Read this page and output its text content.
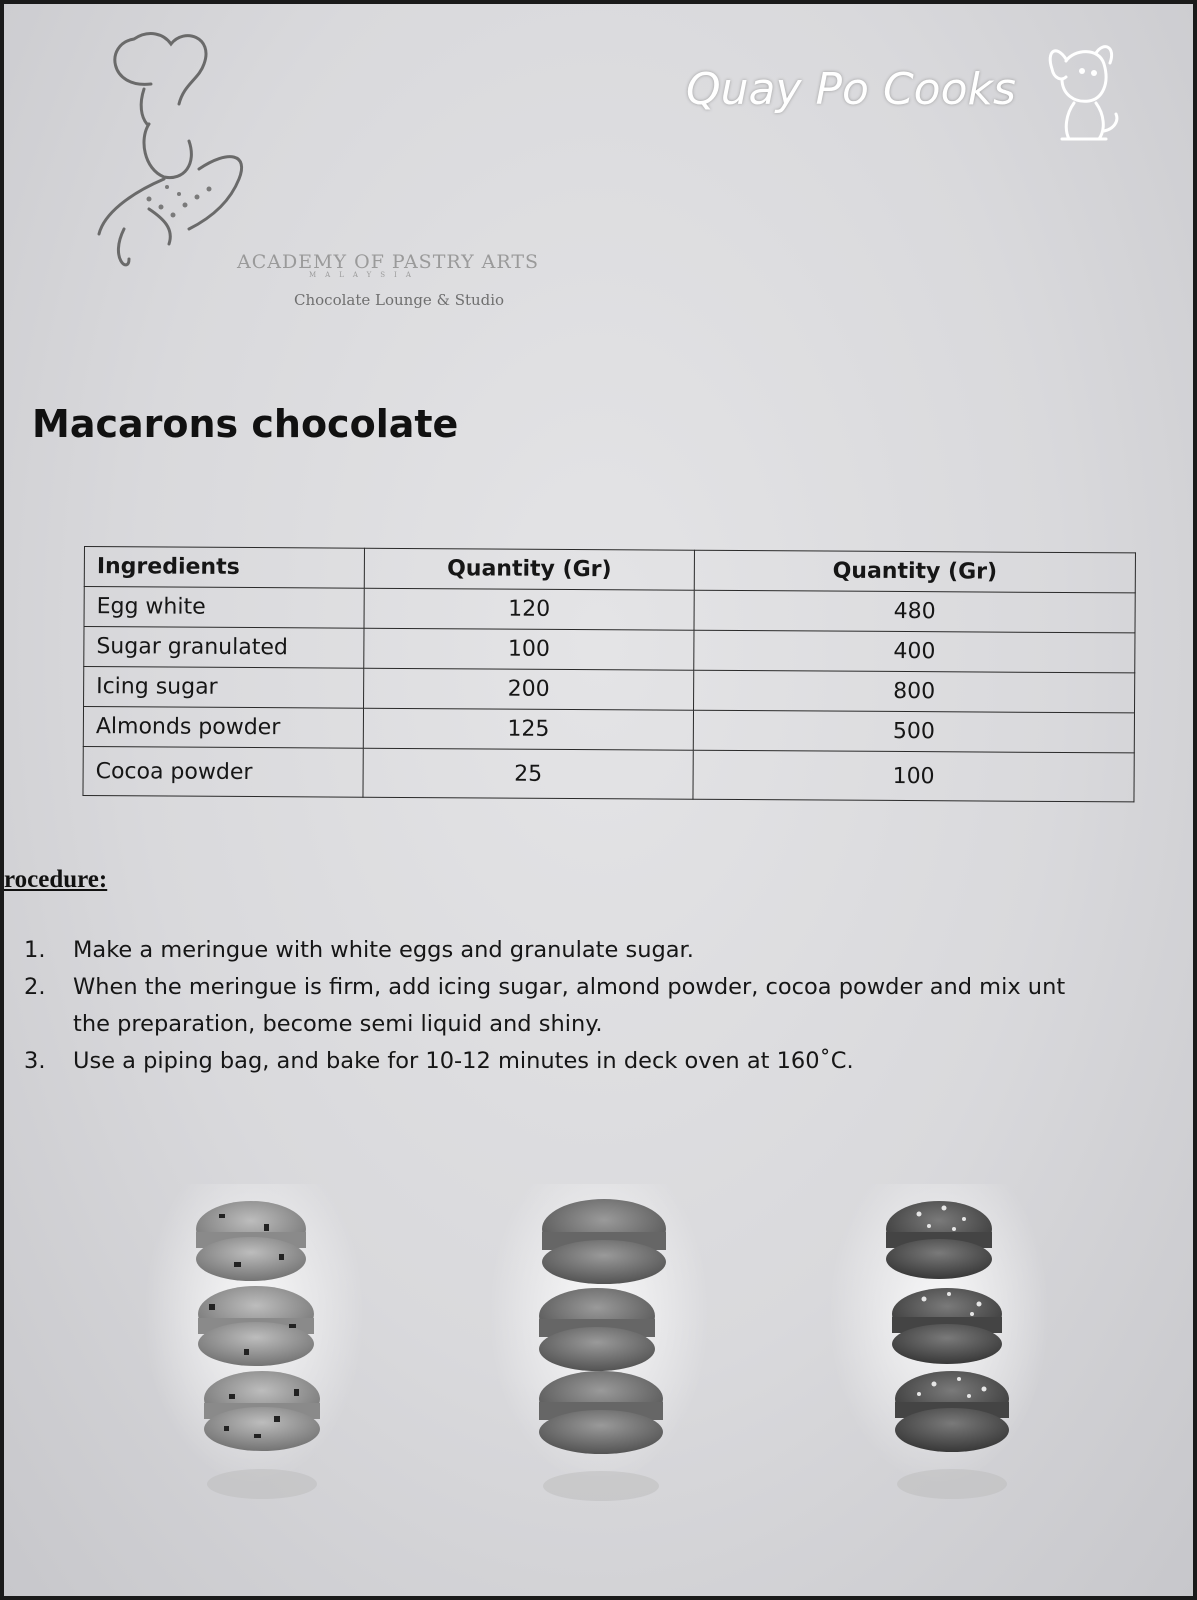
ACADEMY OF PASTRY ARTS
MALAYSIA
Chocolate Lounge & Studio
Quay Po Cooks
Macarons chocolate
Ingredients	Quantity (Gr)	Quantity (Gr)
Egg white	120	480
Sugar granulated	100	400
Icing sugar	200	800
Almonds powder	125	500
Cocoa powder	25	100
rocedure:
1. Make a meringue with white eggs and granulate sugar.
2. When the meringue is firm, add icing sugar, almond powder, cocoa powder and mix unt
the preparation, become semi liquid and shiny.
3. Use a piping bag, and bake for 10-12 minutes in deck oven at 160˚C.
